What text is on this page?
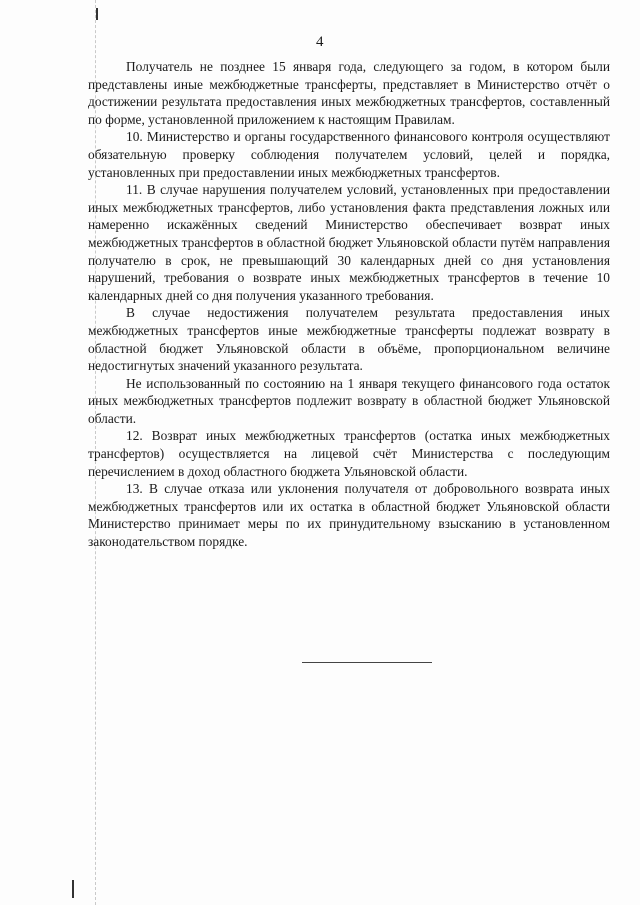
4

Получатель не позднее 15 января года, следующего за годом, в котором были представлены иные межбюджетные трансферты, представляет в Министерство отчёт о достижении результата предоставления иных межбюджетных трансфертов, составленный по форме, установленной приложением к настоящим Правилам.

10. Министерство и органы государственного финансового контроля осуществляют обязательную проверку соблюдения получателем условий, целей и порядка, установленных при предоставлении иных межбюджетных трансфертов.

11. В случае нарушения получателем условий, установленных при предоставлении иных межбюджетных трансфертов, либо установления факта представления ложных или намеренно искажённых сведений Министерство обеспечивает возврат иных межбюджетных трансфертов в областной бюджет Ульяновской области путём направления получателю в срок, не превышающий 30 календарных дней со дня установления нарушений, требования о возврате иных межбюджетных трансфертов в течение 10 календарных дней со дня получения указанного требования.

В случае недостижения получателем результата предоставления иных межбюджетных трансфертов иные межбюджетные трансферты подлежат возврату в областной бюджет Ульяновской области в объёме, пропорциональном величине недостигнутых значений указанного результата.

Не использованный по состоянию на 1 января текущего финансового года остаток иных межбюджетных трансфертов подлежит возврату в областной бюджет Ульяновской области.

12. Возврат иных межбюджетных трансфертов (остатка иных межбюджетных трансфертов) осуществляется на лицевой счёт Министерства с последующим перечислением в доход областного бюджета Ульяновской области.

13. В случае отказа или уклонения получателя от добровольного возврата иных межбюджетных трансфертов или их остатка в областной бюджет Ульяновской области Министерство принимает меры по их принудительному взысканию в установленном законодательством порядке.
